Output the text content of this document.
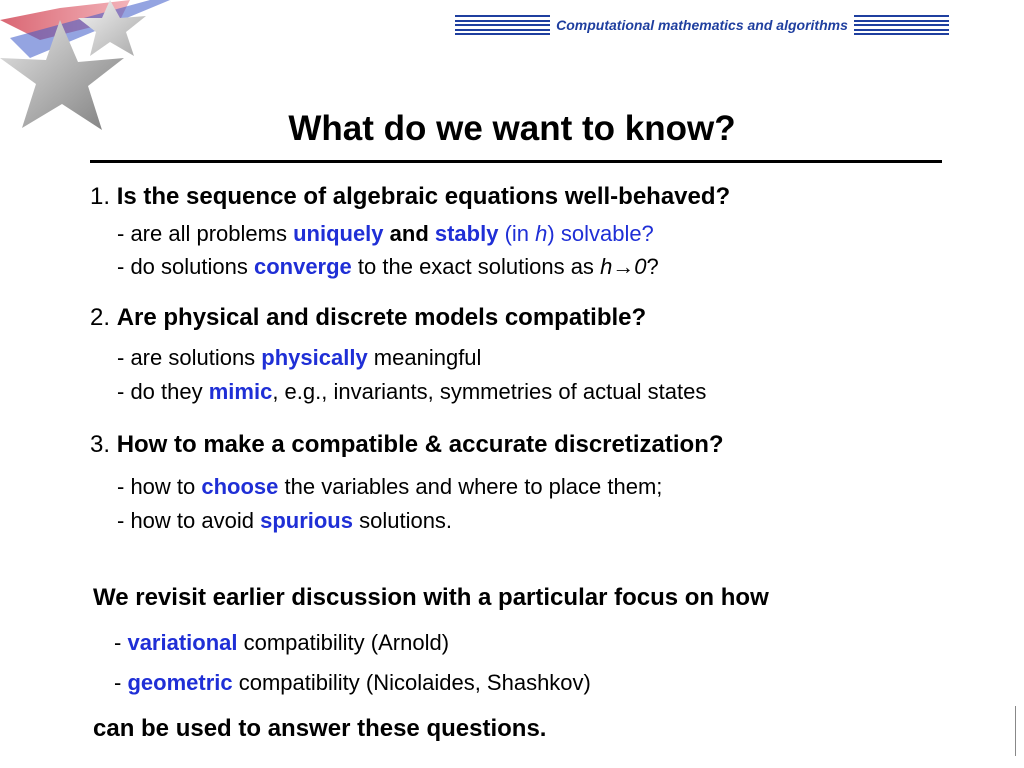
Computational mathematics and algorithms
What do we want to know?
1. Is the sequence of algebraic equations well-behaved?
- are all problems uniquely and stably (in h) solvable?
- do solutions converge to the exact solutions as h→0?
2. Are physical and discrete models compatible?
- are solutions physically meaningful
- do they mimic, e.g., invariants, symmetries of actual states
3. How to make a compatible & accurate discretization?
- how to choose the variables and where to place them;
- how to avoid spurious solutions.
We revisit earlier discussion with a particular focus on how
- variational compatibility (Arnold)
- geometric compatibility (Nicolaides, Shashkov)
can be used to answer these questions.
